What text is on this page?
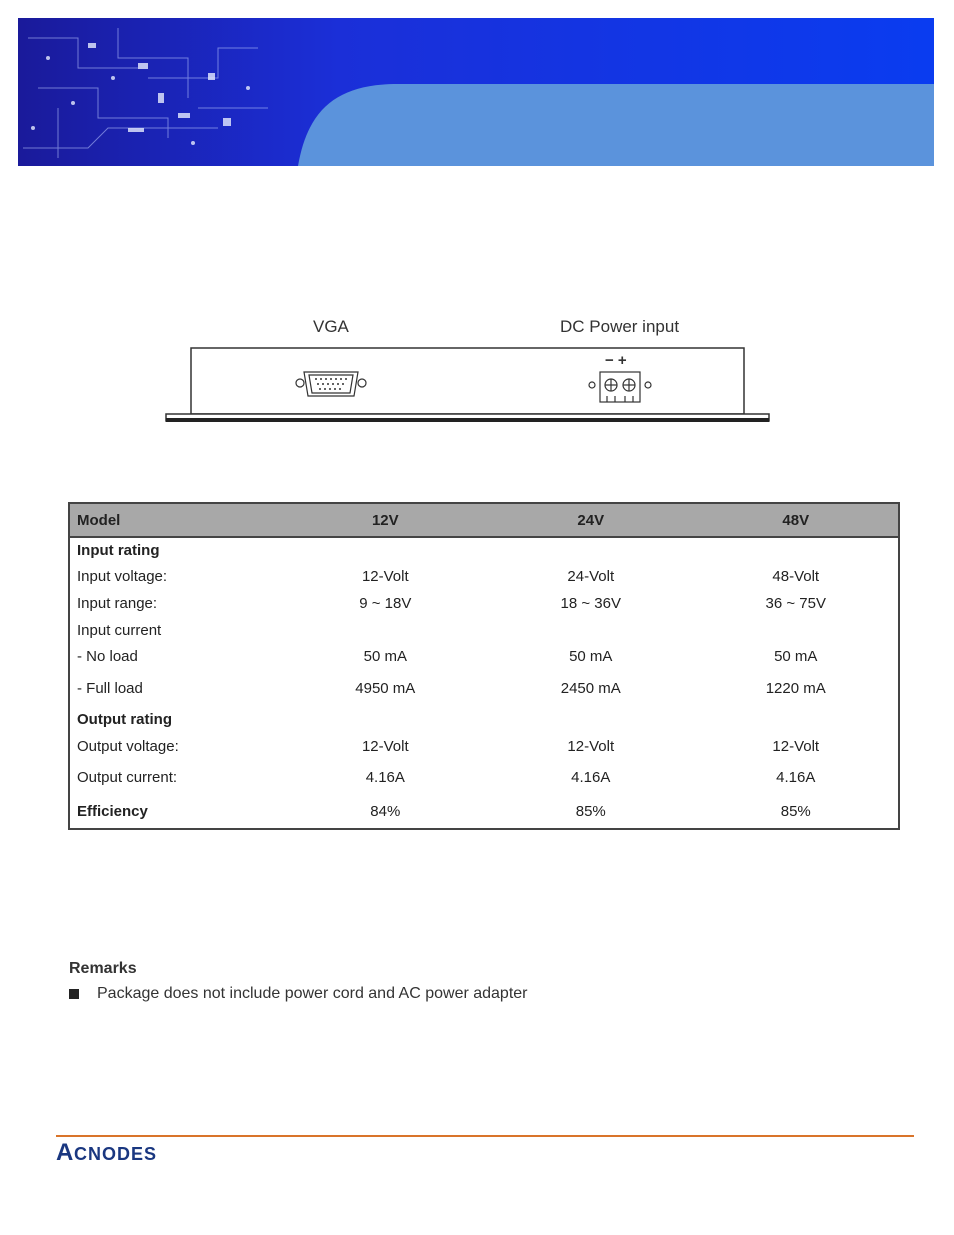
VGA	DC Power input
− +
Model	12V	24V	48V
Input rating			
Input voltage:	12-Volt	24-Volt	48-Volt
Input range:	9 ~ 18V	18 ~ 36V	36 ~ 75V
Input current			
- No load	50 mA	50 mA	50 mA
- Full load	4950 mA	2450 mA	1220 mA
Output rating			
Output voltage:	12-Volt	12-Volt	12-Volt
Output current:	4.16A	4.16A	4.16A
Efficiency	84%	85%	85%
Remarks
Package does not include power cord and AC power adapter
A CNODES
